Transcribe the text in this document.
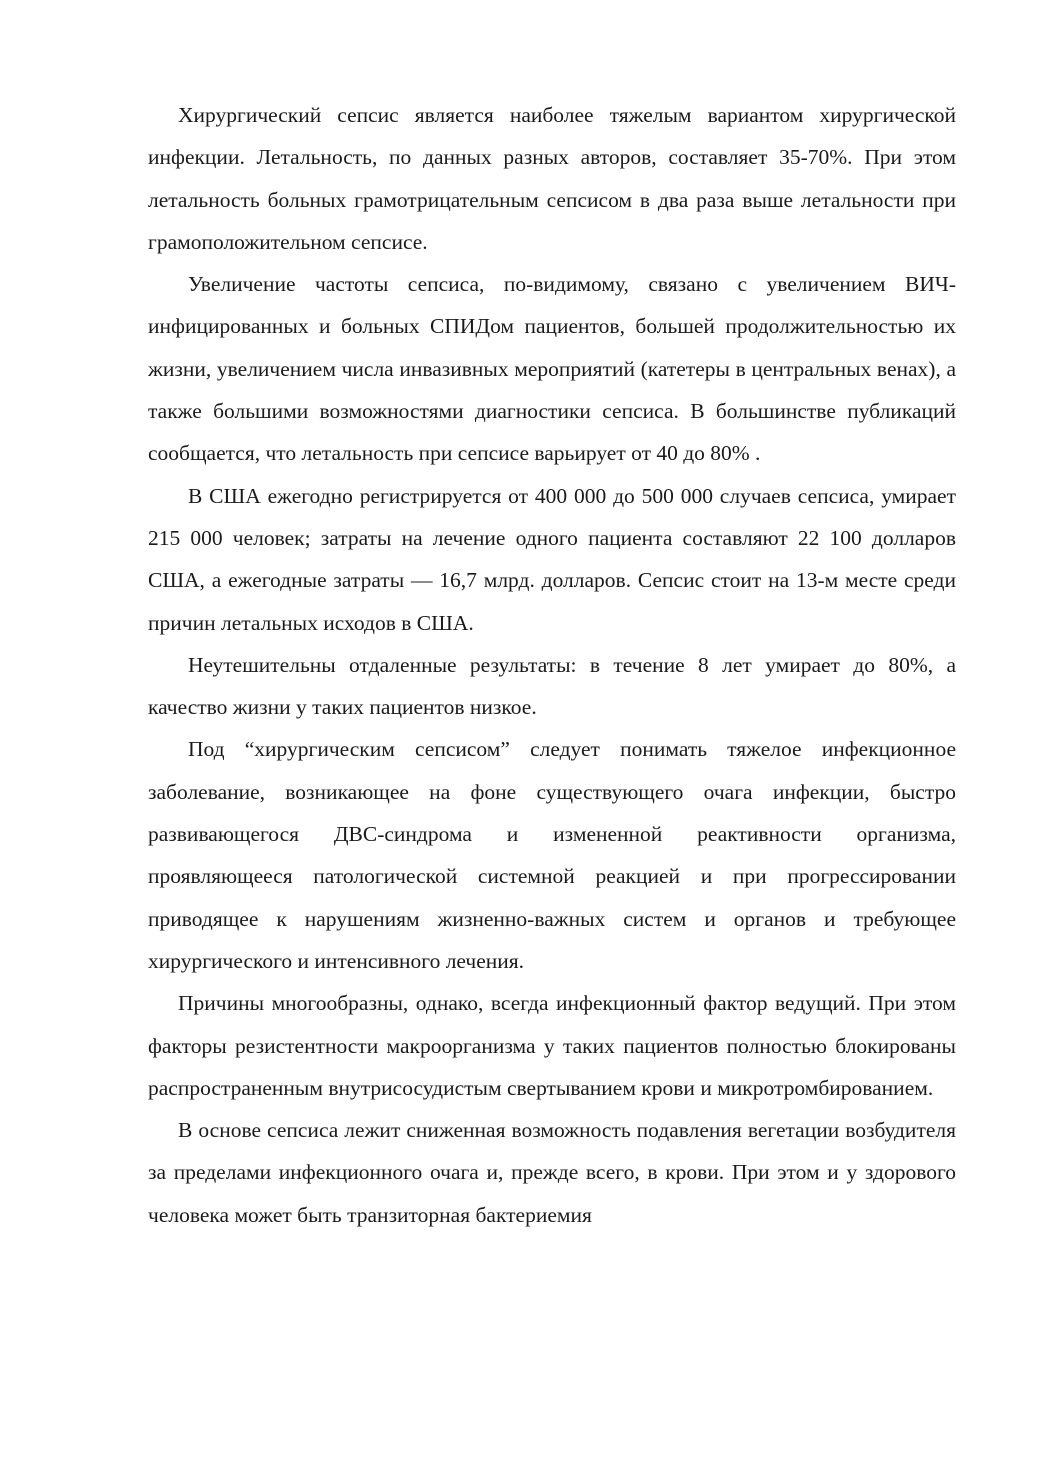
Хирургический сепсис является наиболее тяжелым вариантом хирургической инфекции. Летальность, по данных разных авторов, составляет 35-70%. При этом летальность больных грамотрицательным сепсисом в два раза выше летальности при грамоположительном сепсисе.

Увеличение частоты сепсиса, по-видимому, связано с увеличением ВИЧ-инфицированных и больных СПИДом пациентов, большей продолжительностью их жизни, увеличением числа инвазивных мероприятий (катетеры в центральных венах), а также большими возможностями диагностики сепсиса. В большинстве публикаций сообщается, что летальность при сепсисе варьирует от 40 до 80% .

В США ежегодно регистрируется от 400 000 до 500 000 случаев сепсиса, умирает 215 000 человек; затраты на лечение одного пациента составляют 22 100 долларов США, а ежегодные затраты — 16,7 млрд. долларов. Сепсис стоит на 13-м месте среди причин летальных исходов в США.

Неутешительны отдаленные результаты: в течение 8 лет умирает до 80%, а качество жизни у таких пациентов низкое.

Под “хирургическим сепсисом” следует понимать тяжелое инфекционное заболевание, возникающее на фоне существующего очага инфекции, быстро развивающегося ДВС-синдрома и измененной реактивности организма, проявляющееся патологической системной реакцией и при прогрессировании приводящее к нарушениям жизненно-важных систем и органов и требующее хирургического и интенсивного лечения.

Причины многообразны, однако, всегда инфекционный фактор ведущий. При этом факторы резистентности макроорганизма у таких пациентов полностью блокированы распространенным внутрисосудистым свертыванием крови и микротромбированием.

В основе сепсиса лежит сниженная возможность подавления вегетации возбудителя за пределами инфекционного очага и, прежде всего, в крови. При этом и у здорового человека может быть транзиторная бактериемия
